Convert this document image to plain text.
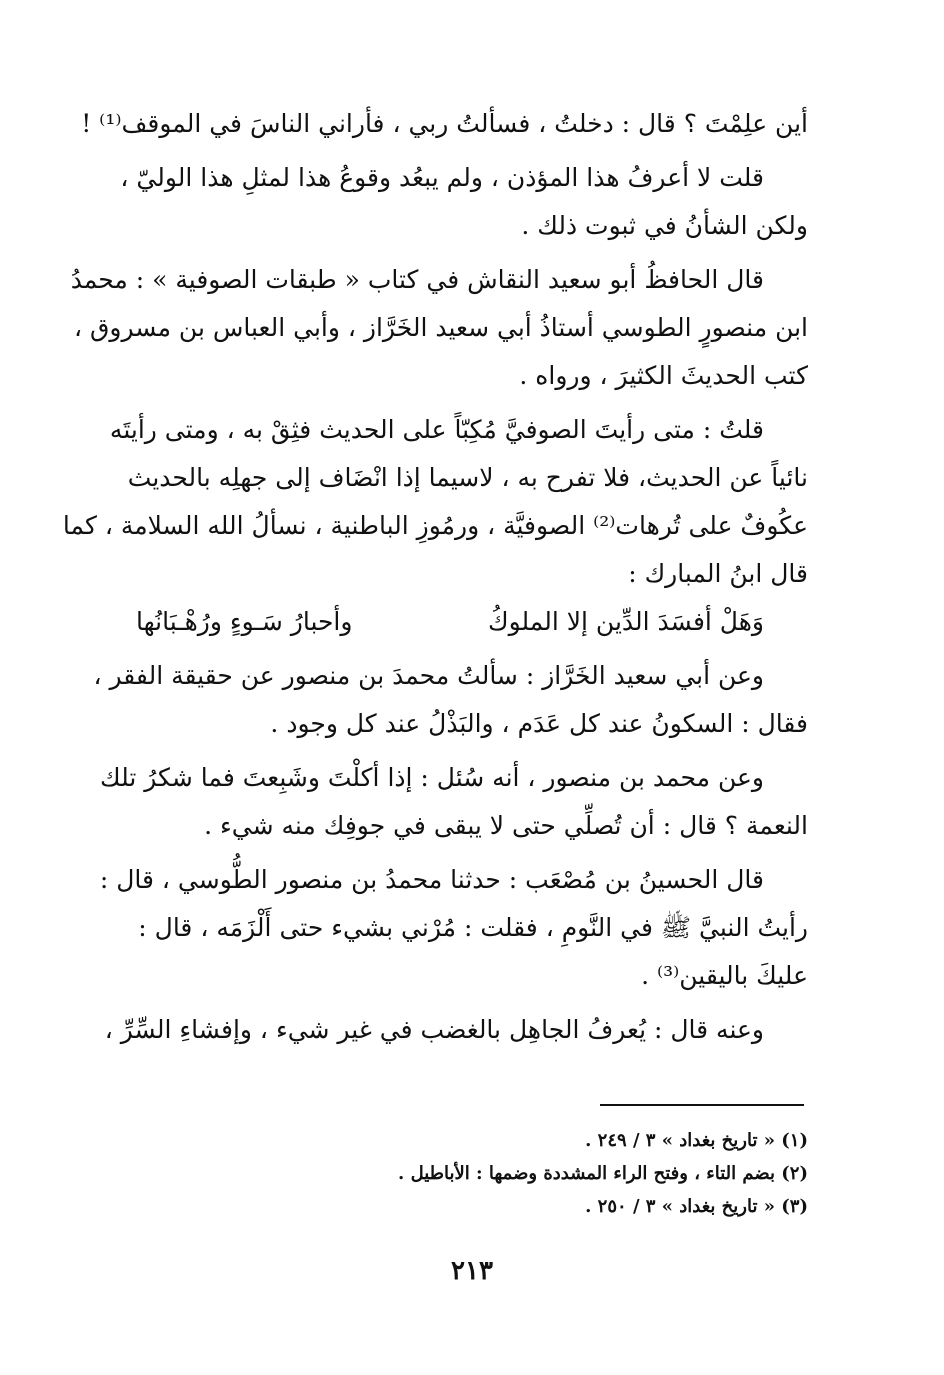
أين علِمْتَ ؟ قال : دخلتُ ، فسألتُ ربي ، فأراني الناسَ في الموقف⁽¹⁾ !
قلت لا أعرفُ هذا المؤذن ، ولم يبعُد وقوعُ هذا لمثلِ هذا الوليّ ،
ولكن الشأنُ في ثبوت ذلك .
قال الحافظُ أبو سعيد النقاش في كتاب « طبقات الصوفية » : محمدُ
ابن منصورٍ الطوسي أستاذُ أبي سعيد الخَرَّاز ، وأبي العباس بن مسروق ،
كتب الحديثَ الكثيرَ ، ورواه .
قلتُ : متى رأيتَ الصوفيَّ مُكِبّاً على الحديث فثِقْ به ، ومتى رأيتَه
نائياً عن الحديث، فلا تفرح به ، لاسيما إذا انْضَاف إلى جهلِه بالحديث
عكُوفٌ على تُرهات⁽²⁾ الصوفيَّة ، ورمُوزِ الباطنية ، نسألُ الله السلامة ، كما
قال ابنُ المبارك :
وَهَلْ أفسَدَ الدِّين إلا الملوكُ
وأحبارُ سَـوءٍ ورُهْـبَانُها
وعن أبي سعيد الخَرَّاز : سألتُ محمدَ بن منصور عن حقيقة الفقر ،
فقال : السكونُ عند كل عَدَم ، والبَذْلُ عند كل وجود .
وعن محمد بن منصور ، أنه سُئل : إذا أكلْتَ وشَبِعتَ فما شكرُ تلك
النعمة ؟ قال : أن تُصلِّي حتى لا يبقى في جوفِك منه شيء .
قال الحسينُ بن مُصْعَب : حدثنا محمدُ بن منصور الطُّوسي ، قال :
رأيتُ النبيَّ ﷺ في النَّومِ ، فقلت : مُرْني بشيء حتى أَلْزَمَه ، قال :
عليكَ باليقين⁽³⁾ .
وعنه قال : يُعرفُ الجاهِل بالغضب في غير شيء ، وإفشاءِ السِّرِّ ،
(١) « تاريخ بغداد » ٣ / ٢٤٩ .
(٢) بضم التاء ، وفتح الراء المشددة وضمها : الأباطيل .
(٣) « تاريخ بغداد » ٣ / ٢٥٠ .
٢١٣
